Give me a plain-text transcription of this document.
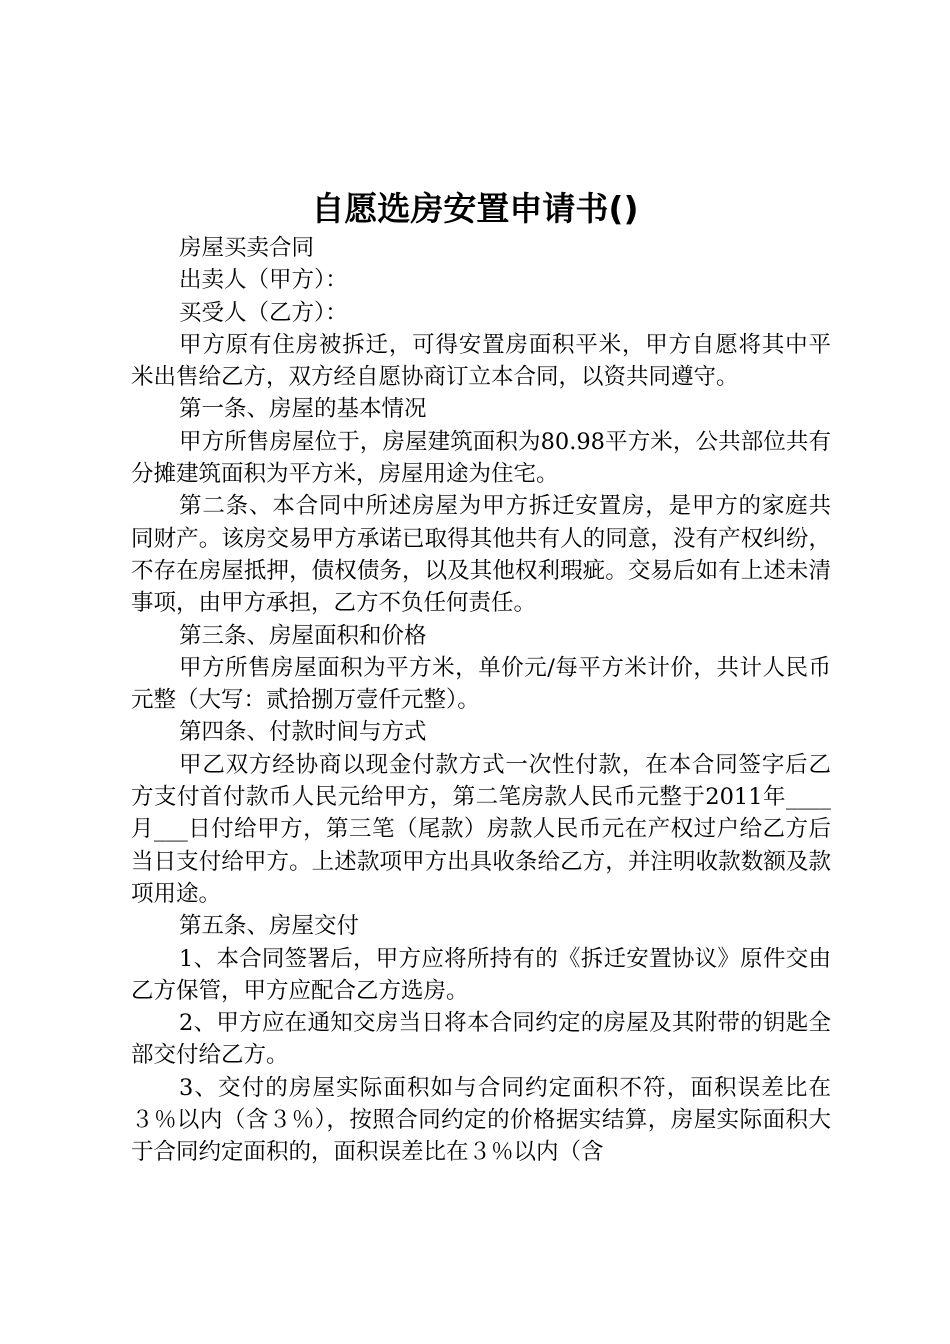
自愿选房安置申请书()

房屋买卖合同

出卖人（甲方）：

买受人（乙方）：

甲方原有住房被拆迁，可得安置房面积平米，甲方自愿将其中平米出售给乙方，双方经自愿协商订立本合同，以资共同遵守。

第一条、房屋的基本情况

甲方所售房屋位于，房屋建筑面积为80.98平方米，公共部位共有分摊建筑面积为平方米，房屋用途为住宅。

第二条、本合同中所述房屋为甲方拆迁安置房，是甲方的家庭共同财产。该房交易甲方承诺已取得其他共有人的同意，没有产权纠纷，不存在房屋抵押，债权债务，以及其他权利瑕疵。交易后如有上述未清事项，由甲方承担，乙方不负任何责任。

第三条、房屋面积和价格

甲方所售房屋面积为平方米，单价元/每平方米计价，共计人民币元整（大写：贰拾捌万壹仟元整）。

第四条、付款时间与方式

甲乙双方经协商以现金付款方式一次性付款，在本合同签字后乙方支付首付款币人民元给甲方，第二笔房款人民币元整于2011年____月___日付给甲方，第三笔（尾款）房款人民币元在产权过户给乙方后当日支付给甲方。上述款项甲方出具收条给乙方，并注明收款数额及款项用途。

第五条、房屋交付

1、本合同签署后，甲方应将所持有的《拆迁安置协议》原件交由乙方保管，甲方应配合乙方选房。

2、甲方应在通知交房当日将本合同约定的房屋及其附带的钥匙全部交付给乙方。

3、交付的房屋实际面积如与合同约定面积不符，面积误差比在３％以内（含３％），按照合同约定的价格据实结算，房屋实际面积大于合同约定面积的，面积误差比在３％以内（含
